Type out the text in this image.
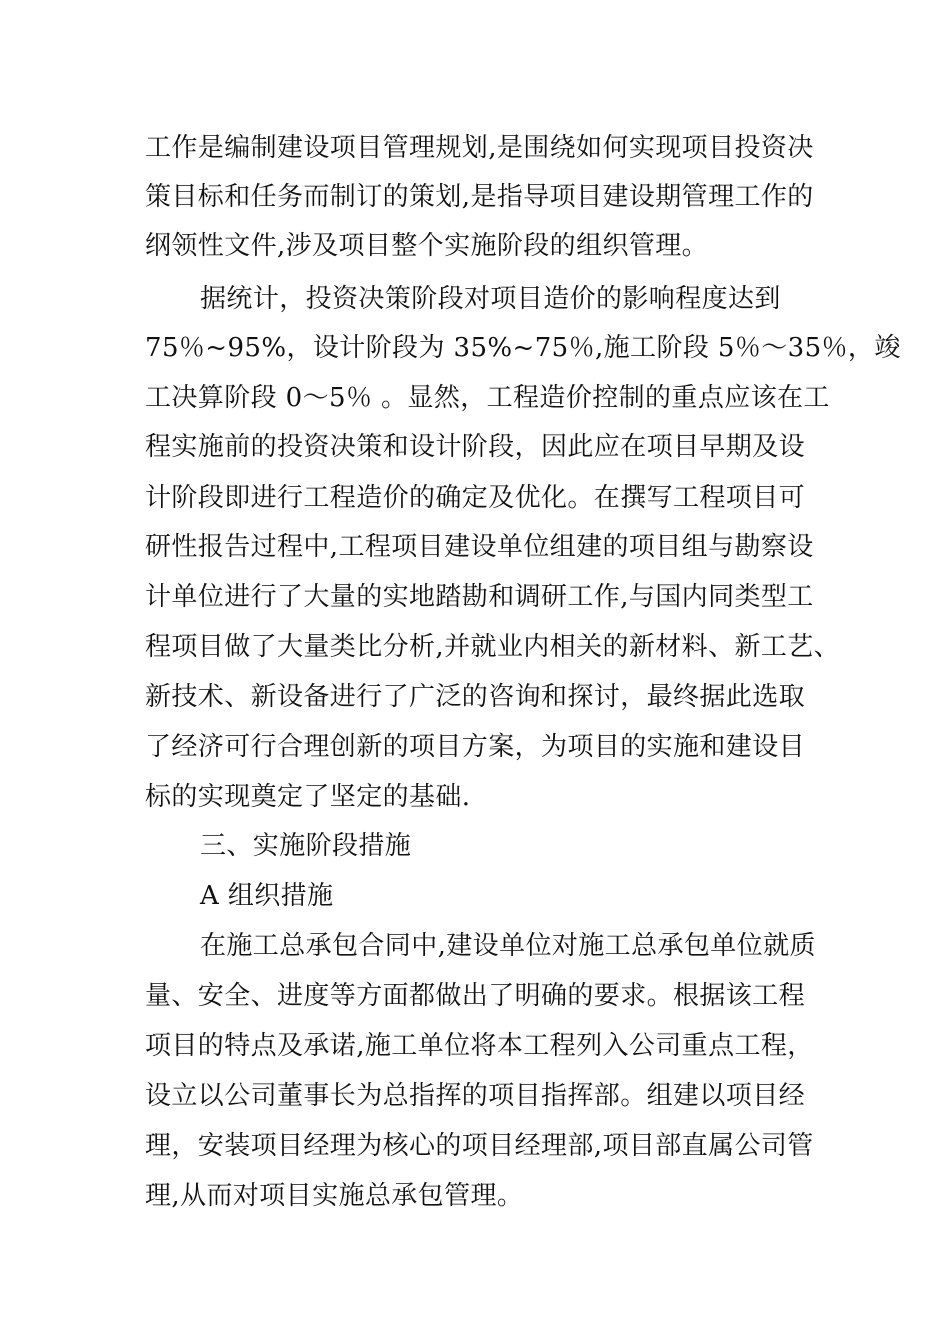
工作是编制建设项目管理规划,是围绕如何实现项目投资决
策目标和任务而制订的策划,是指导项目建设期管理工作的
纲领性文件,涉及项目整个实施阶段的组织管理。
据统计，投资决策阶段对项目造价的影响程度达到
75％~95%，设计阶段为 35%~75％,施工阶段 5％～35％，竣
工决算阶段 0～5％ 。显然，工程造价控制的重点应该在工
程实施前的投资决策和设计阶段，因此应在项目早期及设
计阶段即进行工程造价的确定及优化。在撰写工程项目可
研性报告过程中,工程项目建设单位组建的项目组与勘察设
计单位进行了大量的实地踏勘和调研工作,与国内同类型工
程项目做了大量类比分析,并就业内相关的新材料、新工艺、
新技术、新设备进行了广泛的咨询和探讨，最终据此选取
了经济可行合理创新的项目方案，为项目的实施和建设目
标的实现奠定了坚定的基础.
三、实施阶段措施
A 组织措施
在施工总承包合同中,建设单位对施工总承包单位就质
量、安全、进度等方面都做出了明确的要求。根据该工程
项目的特点及承诺,施工单位将本工程列入公司重点工程，
设立以公司董事长为总指挥的项目指挥部。组建以项目经
理，安装项目经理为核心的项目经理部,项目部直属公司管
理,从而对项目实施总承包管理。
